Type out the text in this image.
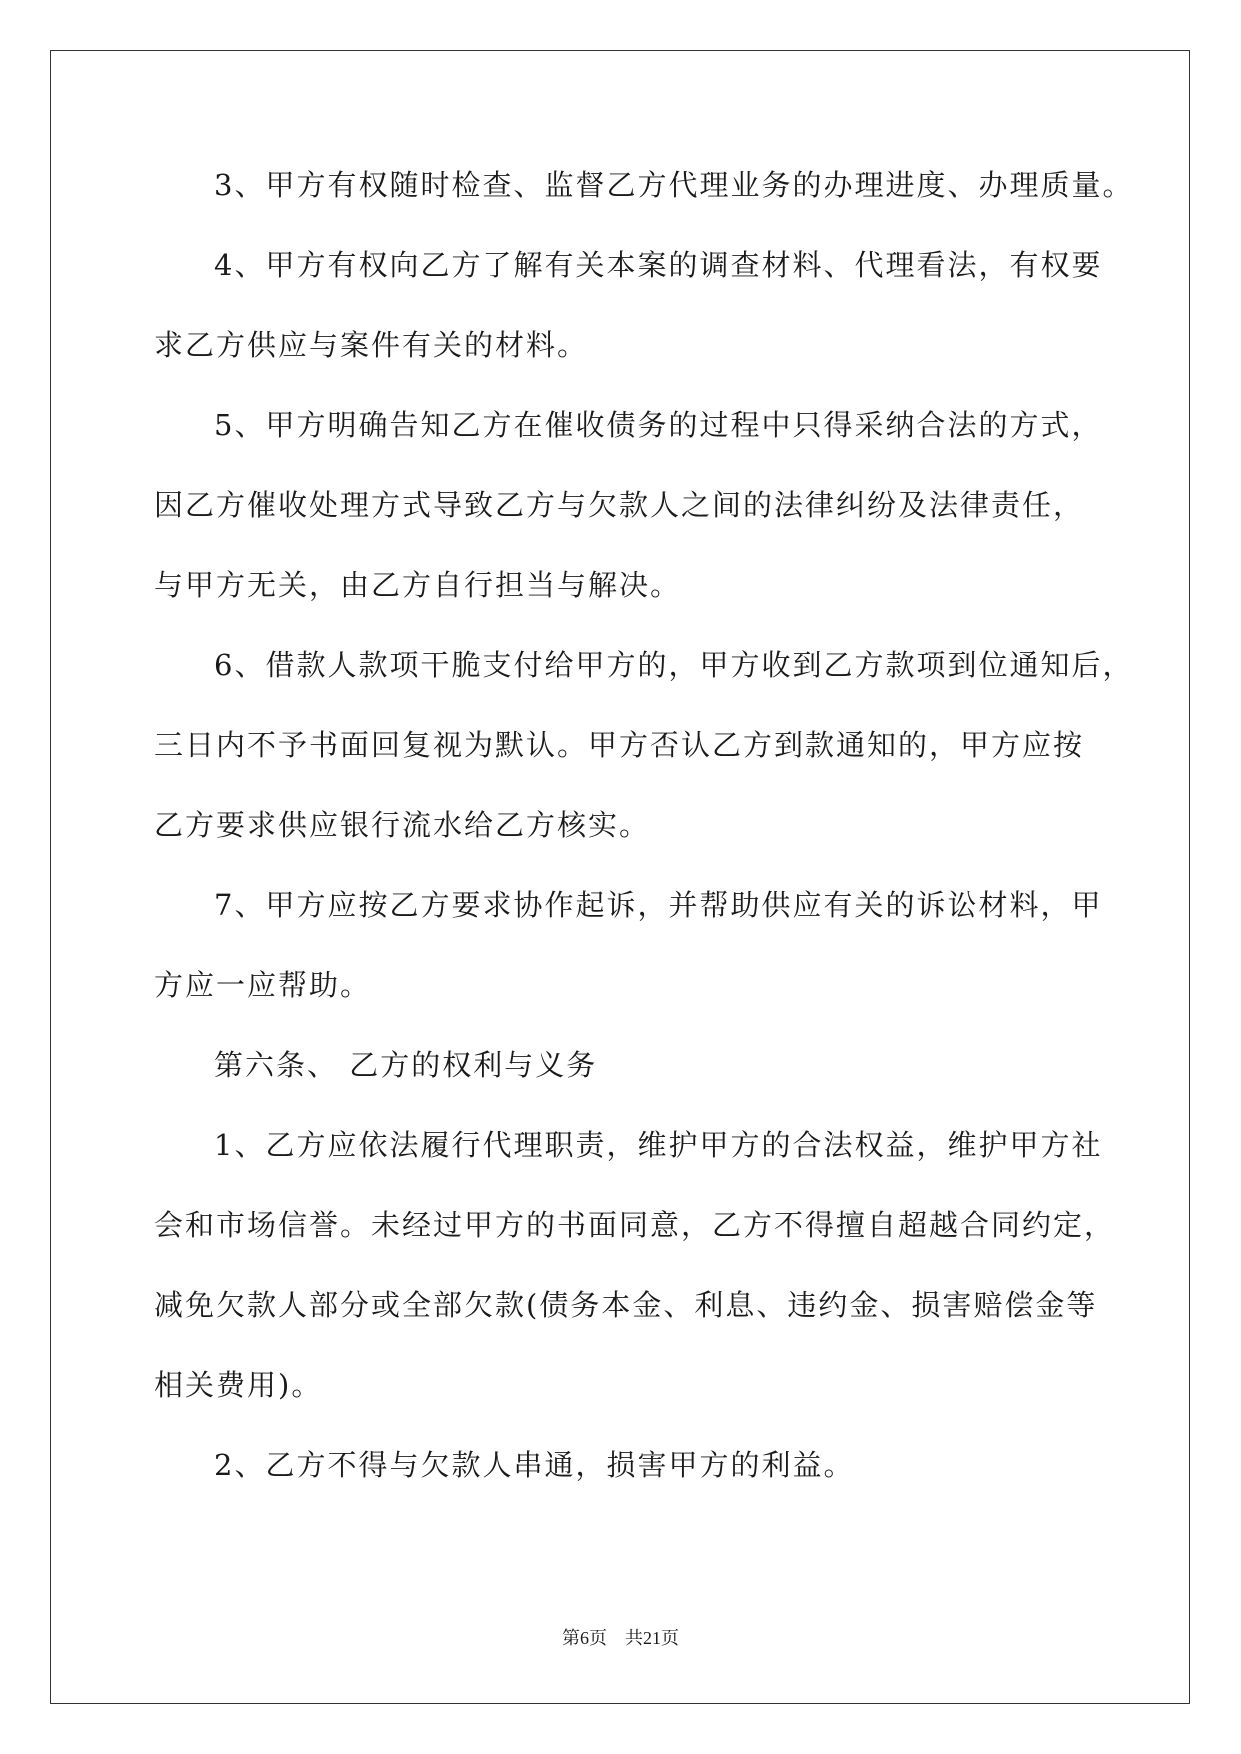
3、甲方有权随时检查、监督乙方代理业务的办理进度、办理质量。

4、甲方有权向乙方了解有关本案的调查材料、代理看法，有权要

求乙方供应与案件有关的材料。

5、甲方明确告知乙方在催收债务的过程中只得采纳合法的方式，

因乙方催收处理方式导致乙方与欠款人之间的法律纠纷及法律责任，

与甲方无关，由乙方自行担当与解决。

6、借款人款项干脆支付给甲方的，甲方收到乙方款项到位通知后，

三日内不予书面回复视为默认。甲方否认乙方到款通知的，甲方应按

乙方要求供应银行流水给乙方核实。

7、甲方应按乙方要求协作起诉，并帮助供应有关的诉讼材料，甲

方应一应帮助。

第六条、 乙方的权利与义务

1、乙方应依法履行代理职责，维护甲方的合法权益，维护甲方社

会和市场信誉。未经过甲方的书面同意，乙方不得擅自超越合同约定，

减免欠款人部分或全部欠款(债务本金、利息、违约金、损害赔偿金等

相关费用)。

2、乙方不得与欠款人串通，损害甲方的利益。

第6页 共21页
